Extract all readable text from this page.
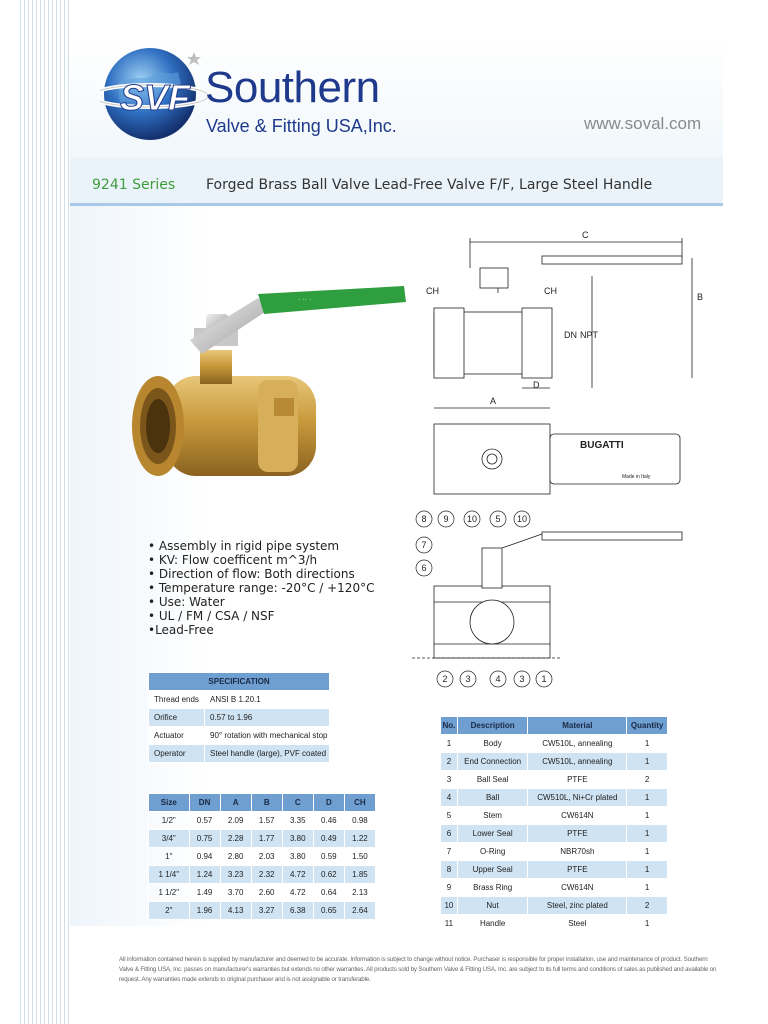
SVF Southern
Valve & Fitting USA,Inc.	www.soval.com
9241 Series Forged Brass Ball Valve Lead-Free Valve F/F, Large Steel Handle
· ·· ·
C
B
CH	CH
DN NPT
D
A
BUGATTI
Made in Italy
8 9 10 5 10
7
6
2 3	4 3 1
• Assembly in rigid pipe system
• KV: Flow coefficent m^3/h
• Direction of flow: Both directions
• Temperature range: -20°C / +120°C
• Use: Water
• UL / FM / CSA / NSF
•Lead-Free
SPECIFICATION	
Thread ends	ANSI B 1.20.1
Orifice	0.57 to 1.96
Actuator	90° rotation with mechanical stop
Operator	Steel handle (large), PVF coated
Size	DN	A	B	C	D	CH
1/2"	0.57	2.09	1.57	3.35	0.46	0.98
3/4"	0.75	2.28	1.77	3.80	0.49	1.22
1"	0.94	2.80	2.03	3.80	0.59	1.50
1 1/4"	1.24	3.23	2.32	4.72	0.62	1.85
1 1/2"	1.49	3.70	2.60	4.72	0.64	2.13
2"	1.96	4.13	3.27	6.38	0.65	2.64
No.	Description	Material	Quantity
1	Body	CW510L, annealing	1
2	End Connection	CW510L, annealing	1
3	Ball Seal	PTFE	2
4	Ball	CW510L, Ni+Cr plated	1
5	Stem	CW614N	1
6	Lower Seal	PTFE	1
7	O-Ring	NBR70sh	1
8	Upper Seal	PTFE	1
9	Brass Ring	CW614N	1
10	Nut	Steel, zinc plated	2
11	Handle	Steel	1
All information contained herein is supplied by manufacturer and deemed to be accurate. Information is subject to change without notice. Purchaser is responsible for proper installation, use and maintenance of product. Southern Valve & Fitting USA, Inc. passes on manufacturer's warranties but extends no other warranties. All products sold by Southern Valve & Fitting USA, Inc. are subject to its full terms and conditions of sales as published and available on request. Any warranties made extends to original purchaser and is not assignable or transferable.
